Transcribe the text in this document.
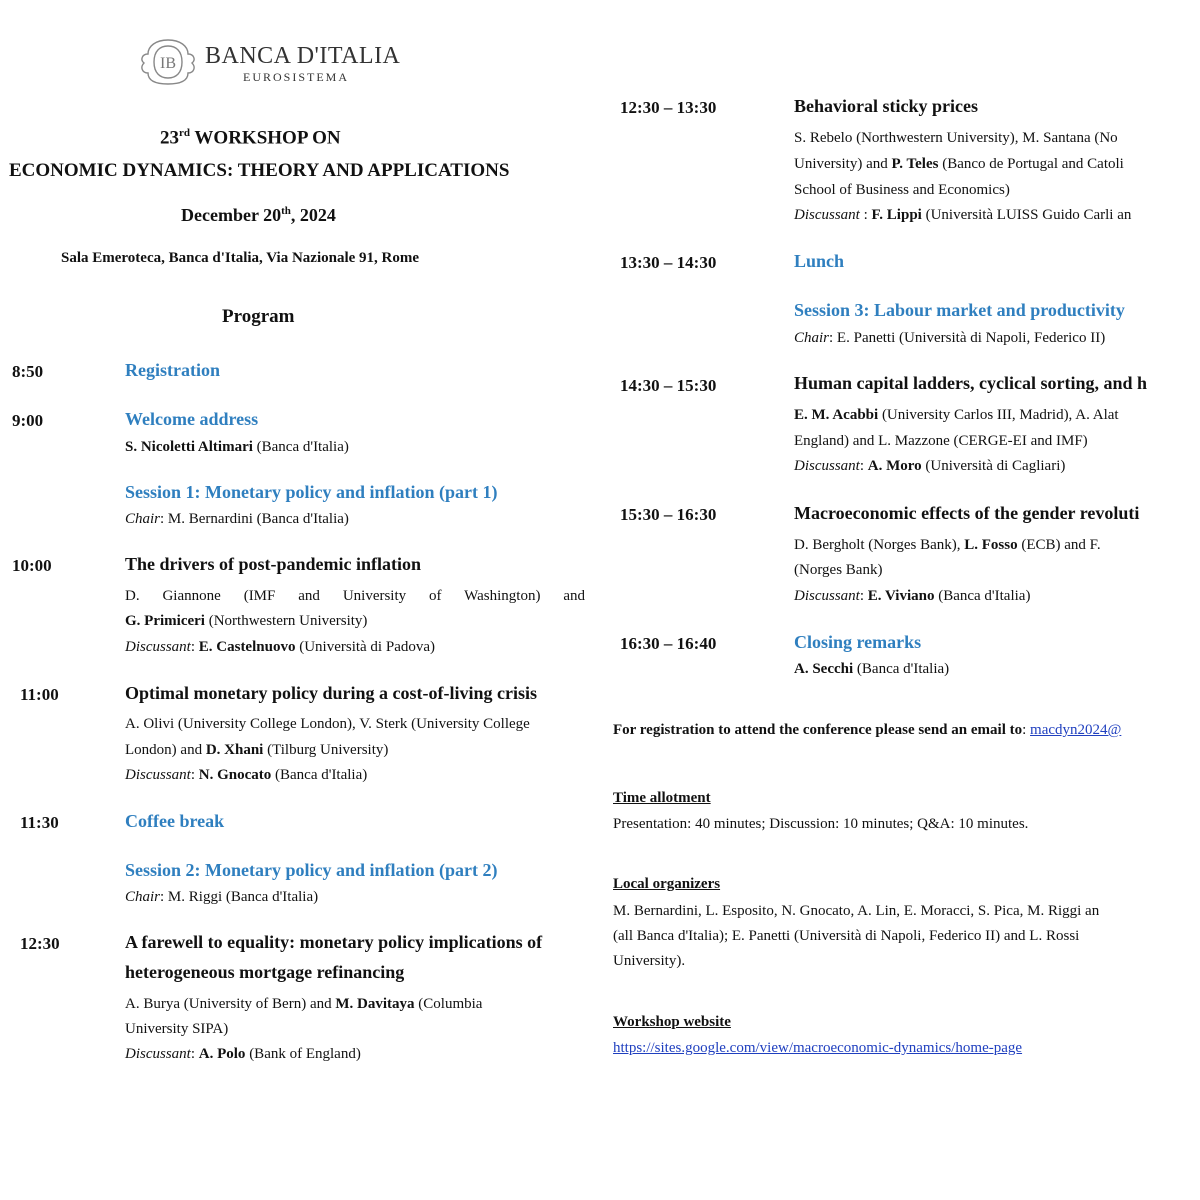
IB BANCA D'ITALIA
EUROSISTEMA
23rd WORKSHOP ON
ECONOMIC DYNAMICS: THEORY AND APPLICATIONS
December 20th, 2024
Sala Emeroteca, Banca d'Italia, Via Nazionale 91, Rome
Program
8:50	Registration
9:00	Welcome address
S. Nicoletti Altimari (Banca d'Italia)
Session 1: Monetary policy and inflation (part 1)
Chair: M. Bernardini (Banca d'Italia)
10:00	The drivers of post-pandemic inflation
D. Giannone (IMF and University of Washington) and
G. Primiceri (Northwestern University)
Discussant: E. Castelnuovo (Università di Padova)
11:00	Optimal monetary policy during a cost-of-living crisis
A. Olivi (University College London), V. Sterk (University College
London) and D. Xhani (Tilburg University)
Discussant: N. Gnocato (Banca d'Italia)
11:30	Coffee break
Session 2: Monetary policy and inflation (part 2)
Chair: M. Riggi (Banca d'Italia)
12:30	A farewell to equality: monetary policy implications of
heterogeneous mortgage refinancing
A. Burya (University of Bern) and M. Davitaya (Columbia
University SIPA)
Discussant: A. Polo (Bank of England)
12:30 – 13:30	Behavioral sticky prices
S. Rebelo (Northwestern University), M. Santana (No
University) and P. Teles (Banco de Portugal and Catoli
School of Business and Economics)
Discussant : F. Lippi (Università LUISS Guido Carli an
13:30 – 14:30	Lunch
Session 3: Labour market and productivity
Chair: E. Panetti (Università di Napoli, Federico II)
14:30 – 15:30	Human capital ladders, cyclical sorting, and h
E. M. Acabbi (University Carlos III, Madrid), A. Alat
England) and L. Mazzone (CERGE-EI and IMF)
Discussant: A. Moro (Università di Cagliari)
15:30 – 16:30	Macroeconomic effects of the gender revoluti
D. Bergholt (Norges Bank), L. Fosso (ECB) and F.
(Norges Bank)
Discussant: E. Viviano (Banca d'Italia)
16:30 – 16:40	Closing remarks
A. Secchi (Banca d'Italia)
For registration to attend the conference please send an email to: macdyn2024@
Time allotment
Presentation: 40 minutes; Discussion: 10 minutes; Q&A: 10 minutes.
Local organizers
M. Bernardini, L. Esposito, N. Gnocato, A. Lin, E. Moracci, S. Pica, M. Riggi an
(all Banca d'Italia); E. Panetti (Università di Napoli, Federico II) and L. Rossi
University).
Workshop website
https://sites.google.com/view/macroeconomic-dynamics/home-page
